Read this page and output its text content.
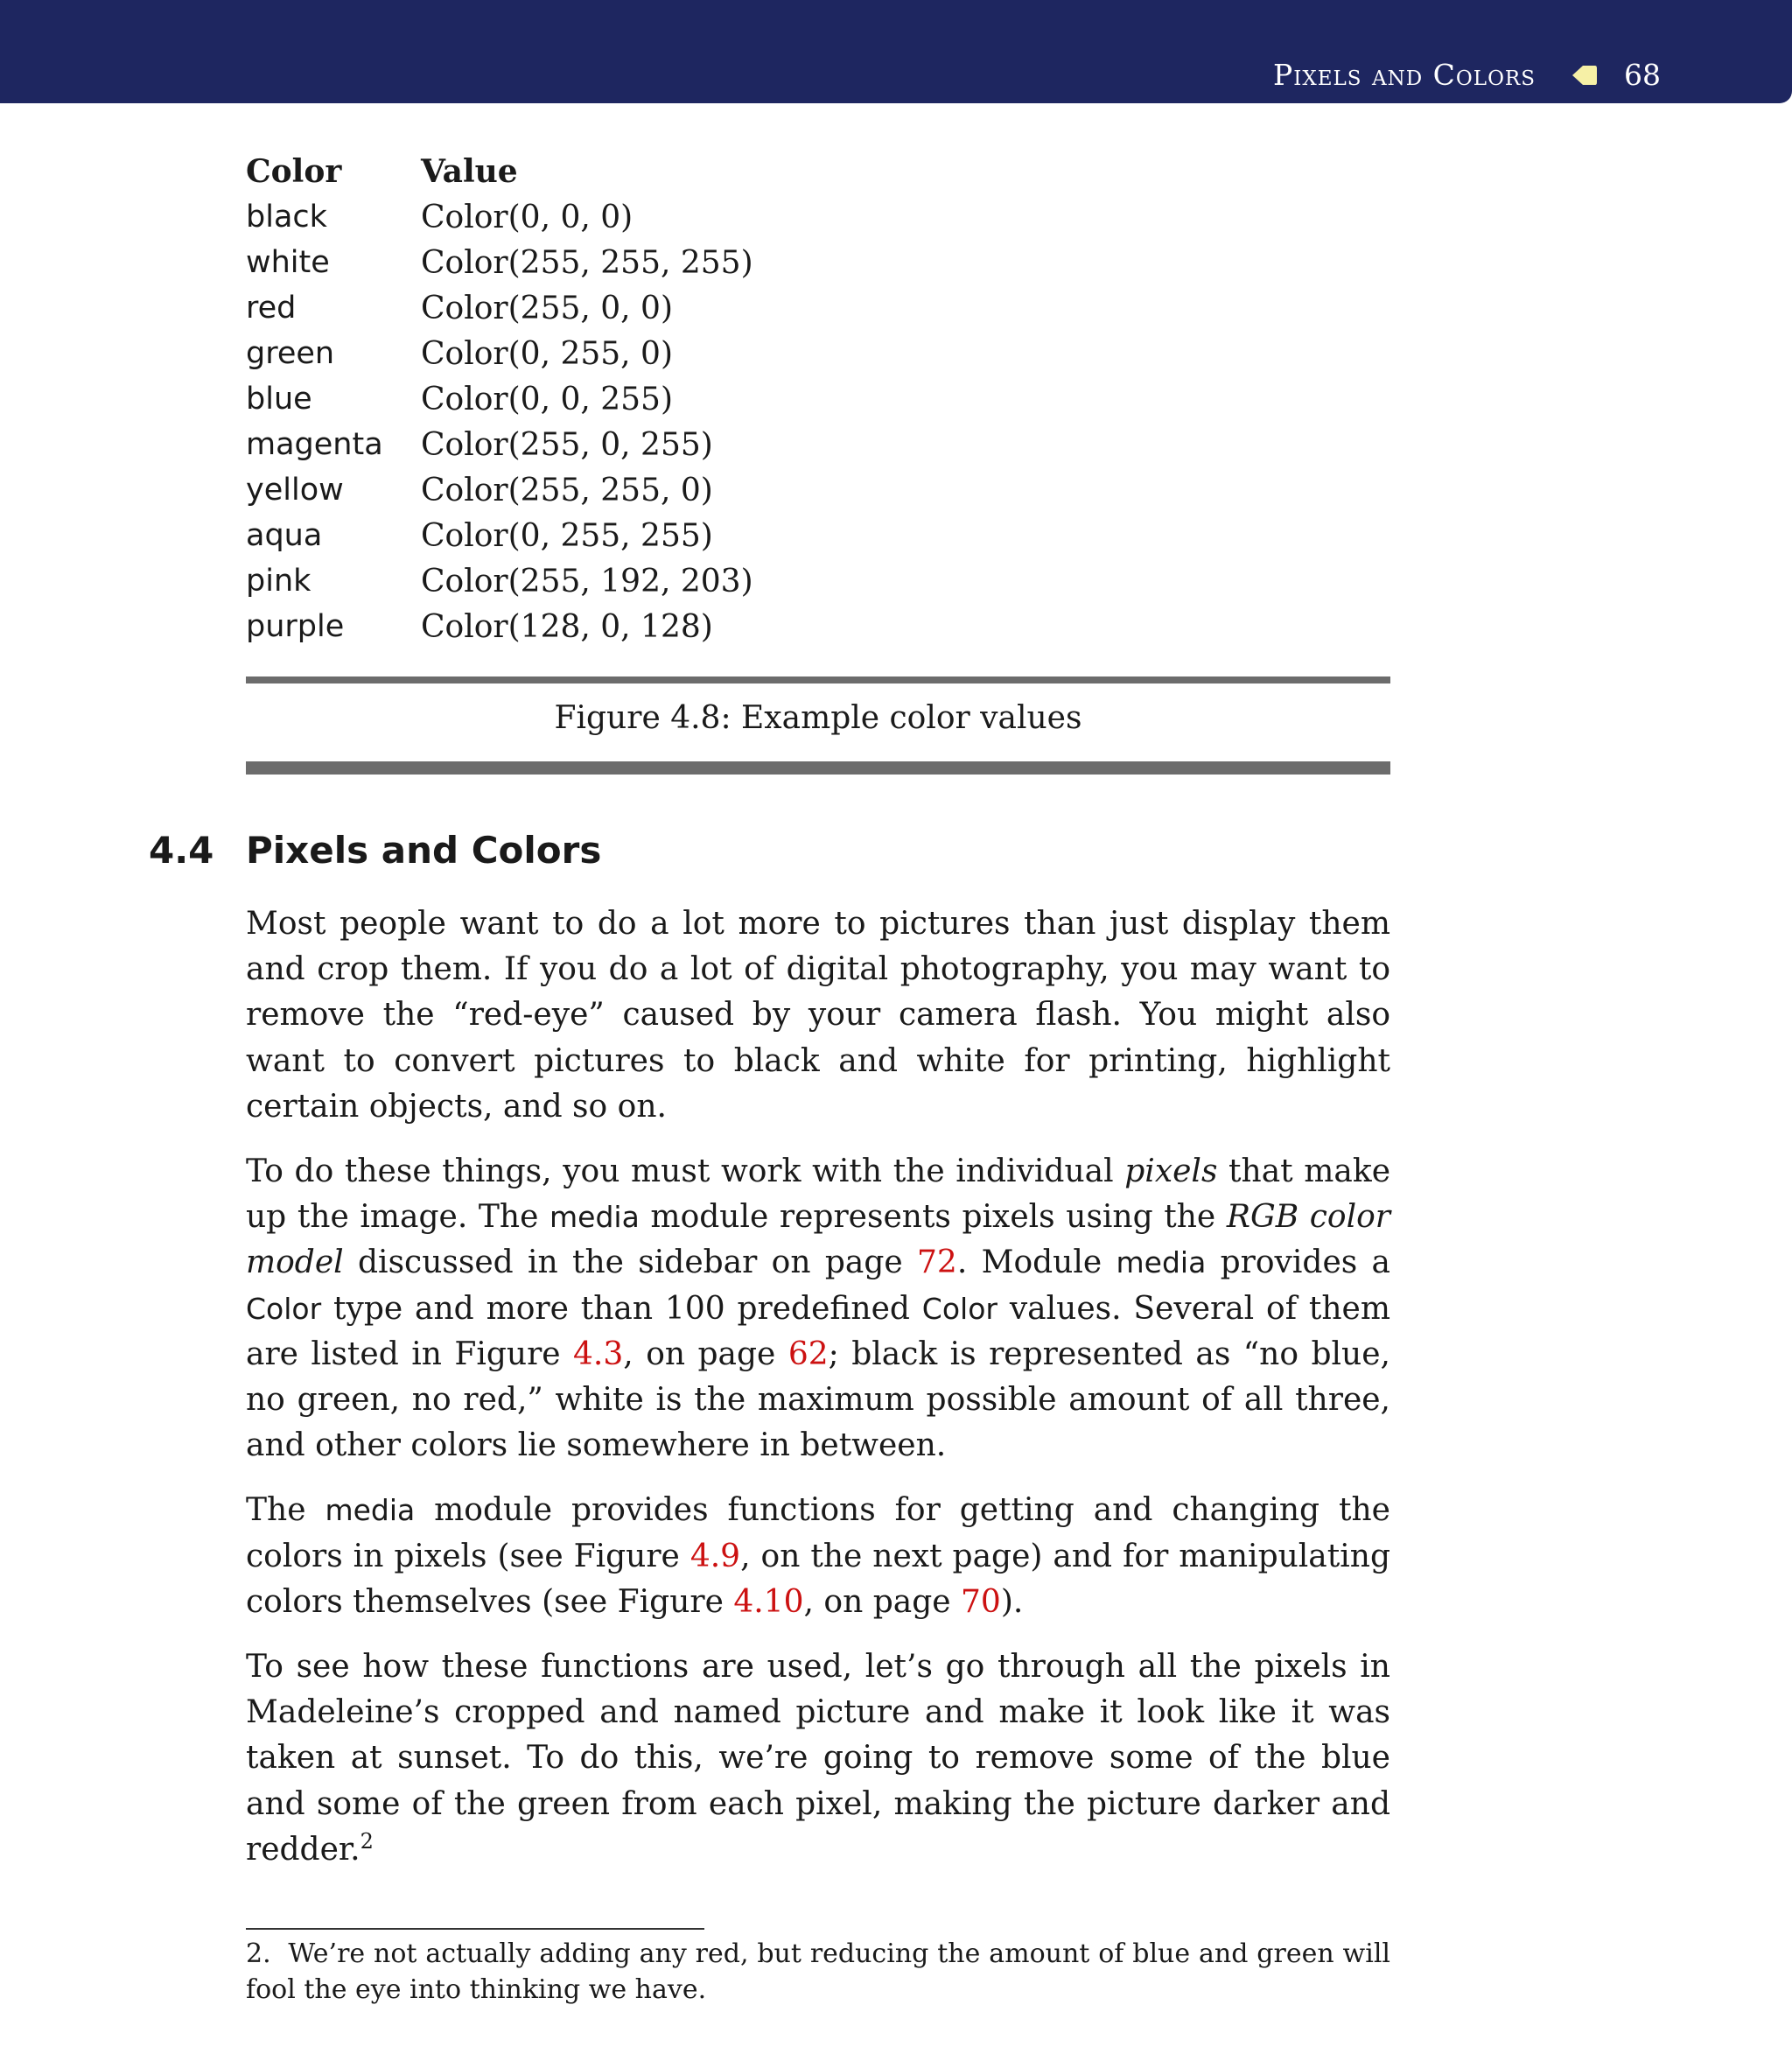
Pixels and Colors	68
Color	Value
black	Color(0, 0, 0)
white	Color(255, 255, 255)
red	Color(255, 0, 0)
green	Color(0, 255, 0)
blue	Color(0, 0, 255)
magenta	Color(255, 0, 255)
yellow	Color(255, 255, 0)
aqua	Color(0, 255, 255)
pink	Color(255, 192, 203)
purple	Color(128, 0, 128)
Figure 4.8: Example color values
4.4 Pixels and Colors

Most people want to do a lot more to pictures than just display them and crop them. If you do a lot of digital photography, you may want to remove the “red-eye” caused by your camera flash. You might also want to convert pictures to black and white for printing, highlight certain objects, and so on.

To do these things, you must work with the individual pixels that make up the image. The media module represents pixels using the RGB color model discussed in the sidebar on page 72. Module media provides a Color type and more than 100 predefined Color values. Several of them are listed in Figure 4.3, on page 62; black is represented as “no blue, no green, no red,” white is the maximum possible amount of all three, and other colors lie somewhere in between.

The media module provides functions for getting and changing the colors in pixels (see Figure 4.9, on the next page) and for manipulating colors themselves (see Figure 4.10, on page 70).

To see how these functions are used, let’s go through all the pixels in Madeleine’s cropped and named picture and make it look like it was taken at sunset. To do this, we’re going to remove some of the blue and some of the green from each pixel, making the picture darker and redder.$^2$

2. We’re not actually adding any red, but reducing the amount of blue and green will fool the eye into thinking we have.
